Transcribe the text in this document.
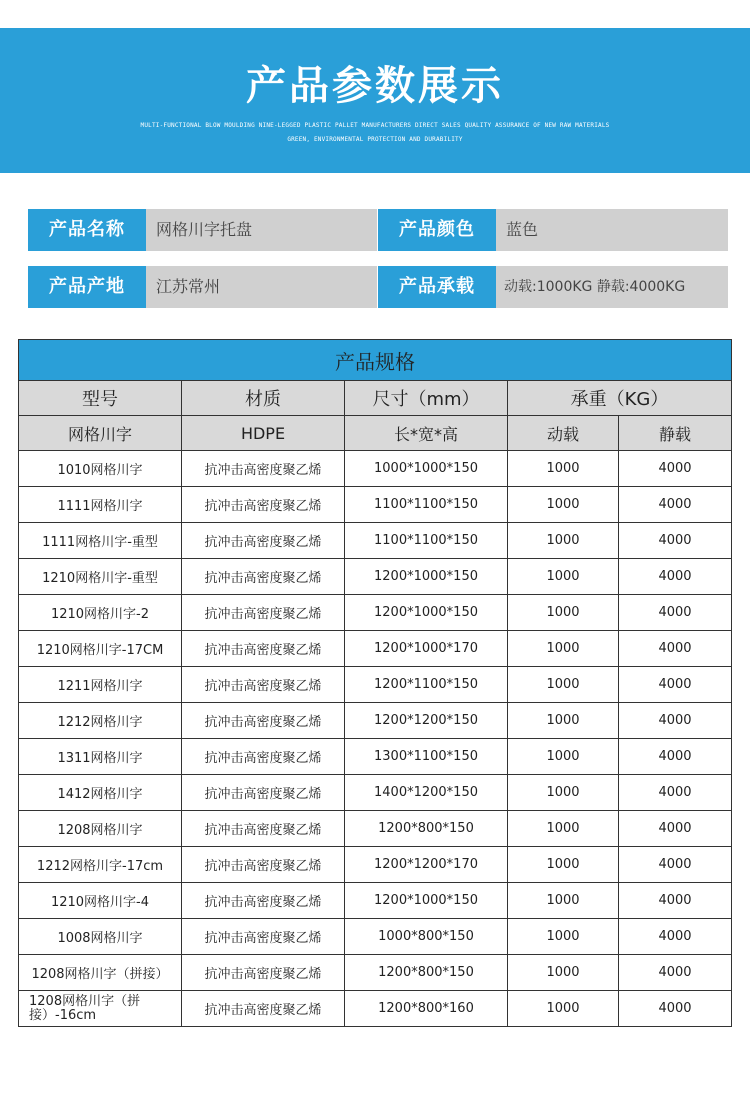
产品参数展示
MULTI-FUNCTIONAL BLOW MOULDING NINE-LEGGED PLASTIC PALLET MANUFACTURERS DIRECT SALES QUALITY ASSURANCE OF NEW RAW MATERIALS
GREEN, ENVIRONMENTAL PROTECTION AND DURABILITY
产品名称	网格川字托盘	产品颜色	蓝色
产品产地	江苏常州	产品承载	动载:1000KG 静载:4000KG
产品规格				
型号	材质	尺寸（mm）	承重（KG）	
网格川字	HDPE	长*宽*高	动载	静载
1010网格川字	抗冲击高密度聚乙烯	1000*1000*150	1000	4000
1111网格川字	抗冲击高密度聚乙烯	1100*1100*150	1000	4000
1111网格川字-重型	抗冲击高密度聚乙烯	1100*1100*150	1000	4000
1210网格川字-重型	抗冲击高密度聚乙烯	1200*1000*150	1000	4000
1210网格川字-2	抗冲击高密度聚乙烯	1200*1000*150	1000	4000
1210网格川字-17CM	抗冲击高密度聚乙烯	1200*1000*170	1000	4000
1211网格川字	抗冲击高密度聚乙烯	1200*1100*150	1000	4000
1212网格川字	抗冲击高密度聚乙烯	1200*1200*150	1000	4000
1311网格川字	抗冲击高密度聚乙烯	1300*1100*150	1000	4000
1412网格川字	抗冲击高密度聚乙烯	1400*1200*150	1000	4000
1208网格川字	抗冲击高密度聚乙烯	1200*800*150	1000	4000
1212网格川字-17cm	抗冲击高密度聚乙烯	1200*1200*170	1000	4000
1210网格川字-4	抗冲击高密度聚乙烯	1200*1000*150	1000	4000
1008网格川字	抗冲击高密度聚乙烯	1000*800*150	1000	4000
1208网格川字（拼接）	抗冲击高密度聚乙烯	1200*800*150	1000	4000
1208网格川字（拼接）-16cm	抗冲击高密度聚乙烯	1200*800*160	1000	4000
